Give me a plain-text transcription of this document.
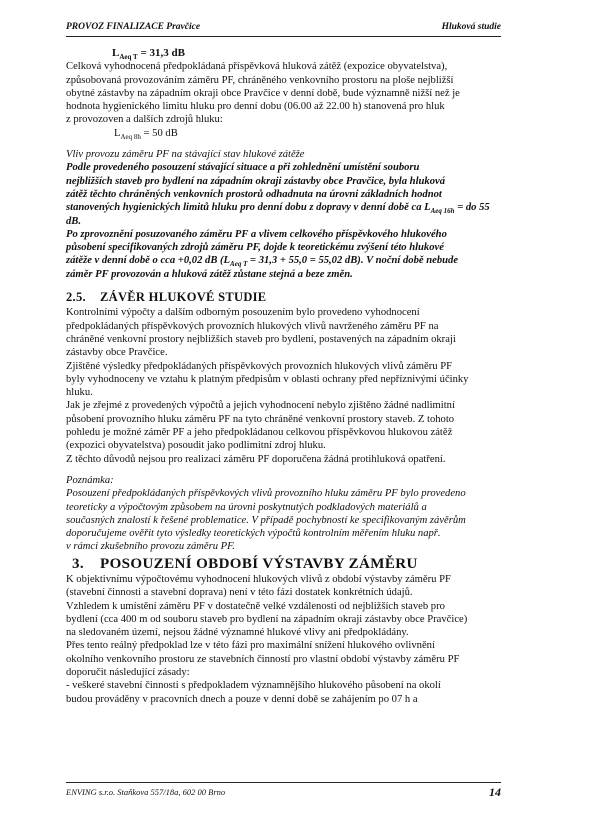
PROVOZ FINALIZACE Pravčice	Hluková studie
$L_{Aeq T} = 31,3$ dB

Celková vyhodnocená předpokládaná příspěvková hluková zátěž (expozice obyvatelstva),

způsobovaná provozováním záměru PF, chráněného venkovního prostoru na ploše nejbližší

obytné zástavby na západním okraji obce Pravčice v denní době, bude významně nižší než je

hodnota hygienického limitu hluku pro denní dobu (06.00 až 22.00 h) stanovená pro hluk

z provozoven a dalších zdrojů hluku:

$L_{Aeq 8h} = 50$ dB

Vliv provozu záměru PF na stávající stav hlukové zátěže

Podle provedeného posouzení stávající situace a při zohlednění umístění souboru

nejbližších staveb pro bydlení na západním okraji zástavby obce Pravčice, byla hluková

zátěž těchto chráněných venkovních prostorů odhadnuta na úrovni základních hodnot

stanovených hygienických limitů hluku pro denní dobu z dopravy v denní době ca $L_{Aeq 16h}$ = do 55

dB.

Po zprovoznění posuzovaného záměru PF a vlivem celkového příspěvkového hlukového

působení specifikovaných zdrojů záměru PF, dojde k teoretickému zvýšení této hlukové

zátěže v denní době o cca +0,02 dB ($L_{Aeq T} = 31,3 + 55,0 = 55,02$ dB). V noční době nebude

záměr PF provozován a hluková zátěž zůstane stejná a beze změn.

2.5. ZÁVĚR HLUKOVÉ STUDIE

Kontrolními výpočty a dalším odborným posouzením bylo provedeno vyhodnocení

předpokládaných příspěvkových provozních hlukových vlivů navrženého záměru PF na

chráněné venkovní prostory nejbližších staveb pro bydlení, postavených na západním okraji

zástavby obce Pravčice.

Zjištěné výsledky předpokládaných příspěvkových provozních hlukových vlivů záměru PF

byly vyhodnoceny ve vztahu k platným předpisům v oblasti ochrany před nepříznivými účinky

hluku.

Jak je zřejmé z provedených výpočtů a jejich vyhodnocení nebylo zjištěno žádné nadlimitní

působení provozního hluku záměru PF na tyto chráněné venkovní prostory staveb. Z tohoto

pohledu je možné záměr PF a jeho předpokládanou celkovou příspěvkovou hlukovou zátěž

(expozici obyvatelstva) posoudit jako podlimitní zdroj hluku.

Z těchto důvodů nejsou pro realizaci záměru PF doporučena žádná protihluková opatření.

Poznámka:

Posouzení předpokládaných příspěvkových vlivů provozního hluku záměru PF bylo provedeno

teoreticky a výpočtovým způsobem na úrovni poskytnutých podkladových materiálů a

současných znalostí k řešené problematice. V případě pochybností ke specifikovaným závěrům

doporučujeme ověřit tyto výsledky teoretických výpočtů kontrolním měřením hluku např.

v rámci zkušebního provozu záměru PF.

3. POSOUZENÍ OBDOBÍ VÝSTAVBY ZÁMĚRU

K objektivnímu výpočtovému vyhodnocení hlukových vlivů z období výstavby záměru PF

(stavební činnosti a stavební doprava) není v této fázi dostatek konkrétních údajů.

Vzhledem k umístění záměru PF v dostatečně velké vzdálenosti od nejbližších staveb pro

bydlení (cca 400 m od souboru staveb pro bydlení na západním okraji zástavby obce Pravčice)

na sledovaném území, nejsou žádné významné hlukové vlivy ani předpokládány.

Přes tento reálný předpoklad lze v této fázi pro maximální snížení hlukového ovlivnění

okolního venkovního prostoru ze stavebních činností pro vlastní období výstavby záměru PF

doporučit následující zásady:

- veškeré stavební činnosti s předpokladem významnějšího hlukového působení na okolí

budou prováděny v pracovních dnech a pouze v denní době se zahájením po 07 h a

ENVING s.r.o. Staňkova 557/18a, 602 00 Brno	14
